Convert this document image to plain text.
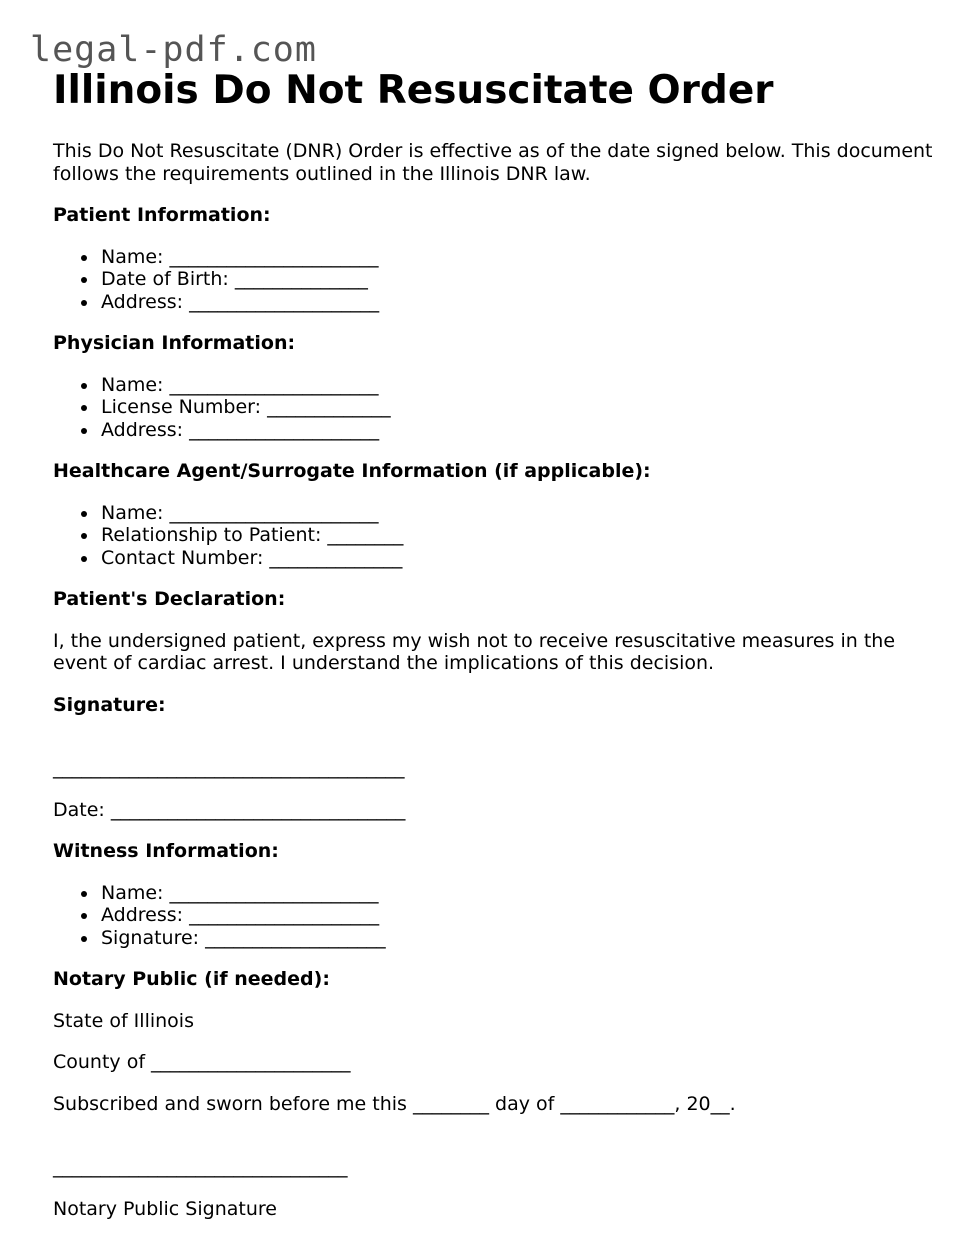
legal-pdf.com
Illinois Do Not Resuscitate Order

This Do Not Resuscitate (DNR) Order is effective as of the date signed below. This document follows the requirements outlined in the Illinois DNR law.

Patient Information:

Name: ______________________
Date of Birth: ______________
Address: ____________________

Physician Information:

Name: ______________________
License Number: _____________
Address: ____________________

Healthcare Agent/Surrogate Information (if applicable):

Name: ______________________
Relationship to Patient: ________
Contact Number: ______________

Patient's Declaration:

I, the undersigned patient, express my wish not to receive resuscitative measures in the event of cardiac arrest. I understand the implications of this decision.

Signature:

_____________________________________

Date: _______________________________

Witness Information:

Name: ______________________
Address: ____________________
Signature: ___________________

Notary Public (if needed):

State of Illinois

County of _____________________

Subscribed and sworn before me this ________ day of ____________, 20__.

_______________________________

Notary Public Signature
